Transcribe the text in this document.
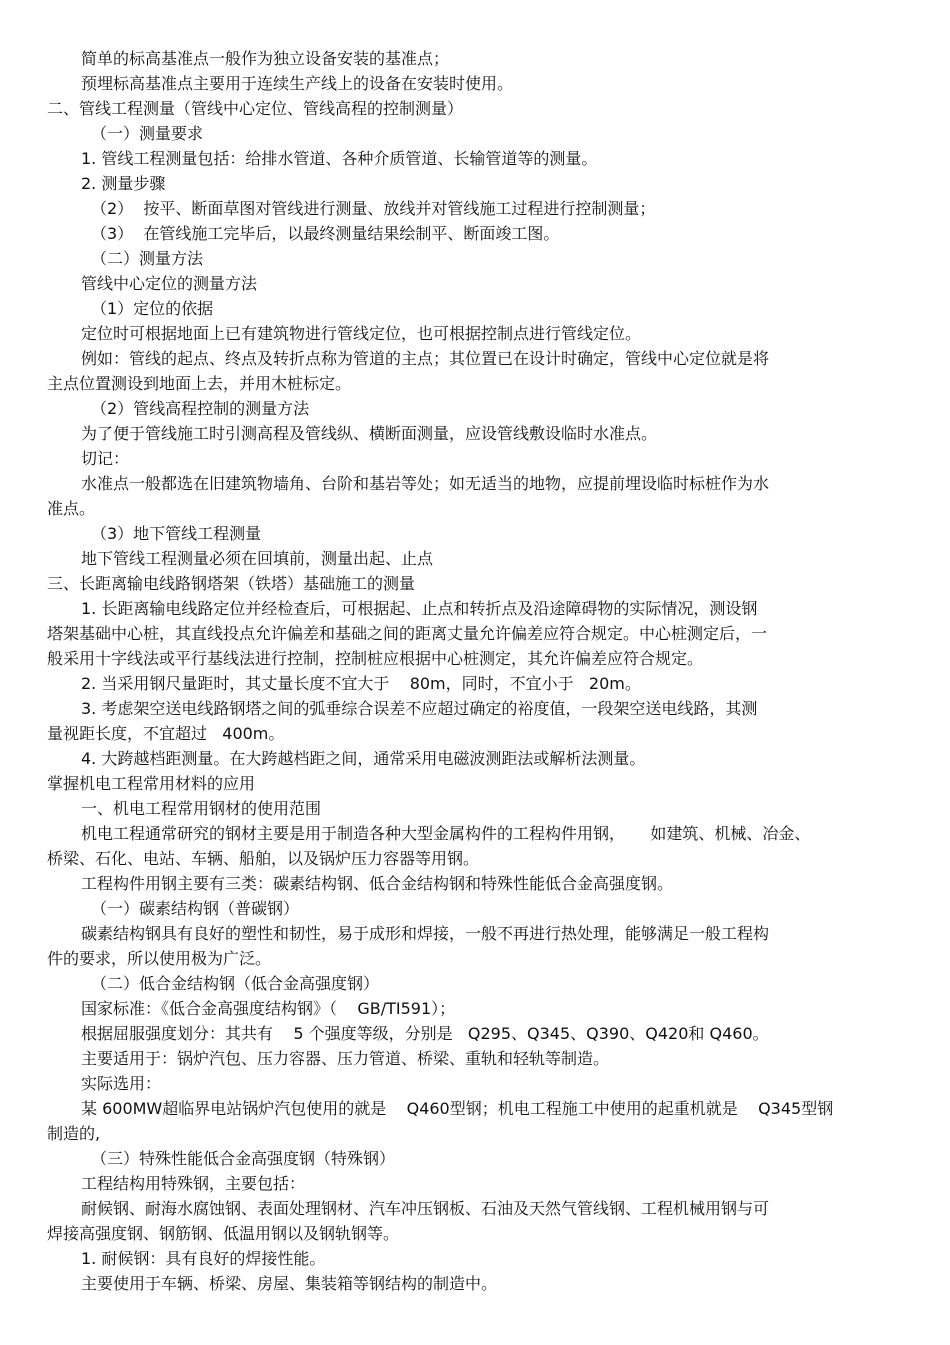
简单的标高基准点一般作为独立设备安装的基准点；
预埋标高基准点主要用于连续生产线上的设备在安装时使用。
二、管线工程测量（管线中心定位、管线高程的控制测量）
（一）测量要求
1. 管线工程测量包括：给排水管道、各种介质管道、长输管道等的测量。
2. 测量步骤
（2）  按平、断面草图对管线进行测量、放线并对管线施工过程进行控制测量；
（3）  在管线施工完毕后，以最终测量结果绘制平、断面竣工图。
（二）测量方法
管线中心定位的测量方法
（1）定位的依据
定位时可根据地面上已有建筑物进行管线定位，也可根据控制点进行管线定位。
例如：管线的起点、终点及转折点称为管道的主点；其位置已在设计时确定，管线中心定位就是将
主点位置测设到地面上去，并用木桩标定。
（2）管线高程控制的测量方法
为了便于管线施工时引测高程及管线纵、横断面测量，应设管线敷设临时水准点。
切记：
水准点一般都选在旧建筑物墙角、台阶和基岩等处；如无适当的地物，应提前埋设临时标桩作为水
准点。
（3）地下管线工程测量
地下管线工程测量必须在回填前，测量出起、止点
三、长距离输电线路钢塔架（铁塔）基础施工的测量
1. 长距离输电线路定位并经检查后，可根据起、止点和转折点及沿途障碍物的实际情况，测设钢
塔架基础中心桩，其直线投点允许偏差和基础之间的距离丈量允许偏差应符合规定。中心桩测定后，一
般采用十字线法或平行基线法进行控制，控制桩应根据中心桩测定，其允许偏差应符合规定。
2. 当采用钢尺量距时，其丈量长度不宜大于    80m，同时，不宜小于   20m。
3. 考虑架空送电线路钢塔之间的弧垂综合误差不应超过确定的裕度值，一段架空送电线路，其测
量视距长度，不宜超过   400m。
4. 大跨越档距测量。在大跨越档距之间，通常采用电磁波测距法或解析法测量。
掌握机电工程常用材料的应用
一、机电工程常用钢材的使用范围
机电工程通常研究的钢材主要是用于制造各种大型金属构件的工程构件用钢，     如建筑、机械、冶金、
桥梁、石化、电站、车辆、船舶，以及锅炉压力容器等用钢。
工程构件用钢主要有三类：碳素结构钢、低合金结构钢和特殊性能低合金高强度钢。
（一）碳素结构钢（普碳钢）
碳素结构钢具有良好的塑性和韧性，易于成形和焊接，一般不再进行热处理，能够满足一般工程构
件的要求，所以使用极为广泛。
（二）低合金结构钢（低合金高强度钢）
国家标准：《低合金高强度结构钢》（    GB/TI591）；
根据屈服强度划分：其共有    5 个强度等级，分别是   Q295、Q345、Q390、Q420和 Q460。
主要适用于：锅炉汽包、压力容器、压力管道、桥梁、重轨和轻轨等制造。
实际选用：
某 600MW超临界电站锅炉汽包使用的就是    Q460型钢；机电工程施工中使用的起重机就是    Q345型钢
制造的,
（三）特殊性能低合金高强度钢（特殊钢）
工程结构用特殊钢，主要包括：
耐候钢、耐海水腐蚀钢、表面处理钢材、汽车冲压钢板、石油及天然气管线钢、工程机械用钢与可
焊接高强度钢、钢筋钢、低温用钢以及钢轨钢等。
1. 耐候钢：具有良好的焊接性能。
主要使用于车辆、桥梁、房屋、集装箱等钢结构的制造中。
